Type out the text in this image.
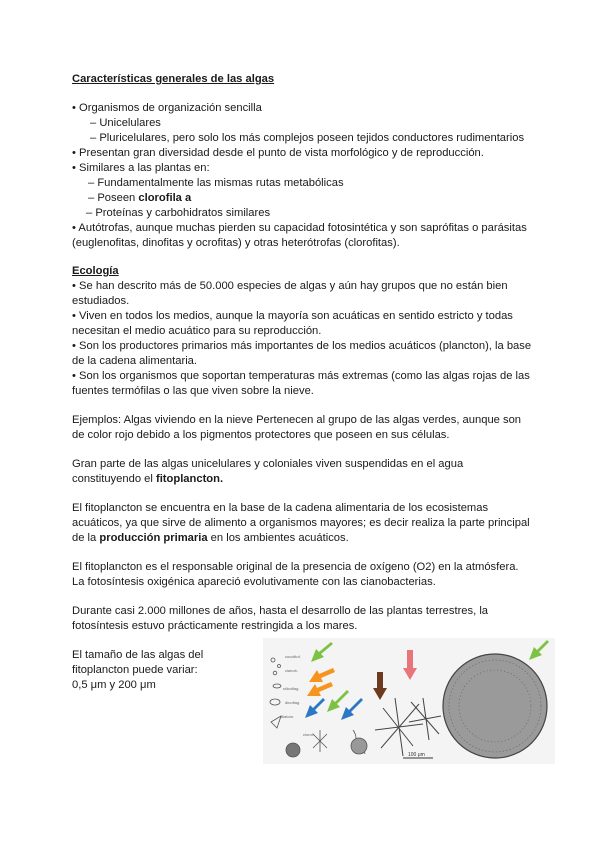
Características generales de las algas
• Organismos de organización sencilla
– Unicelulares
– Pluricelulares, pero solo los más complejos poseen tejidos conductores rudimentarios
• Presentan gran diversidad desde el punto de vista morfológico y de reproducción.
• Similares a las plantas en:
– Fundamentalmente las mismas rutas metabólicas
– Poseen clorofila a
– Proteínas y carbohidratos similares
• Autótrofas, aunque muchas pierden su capacidad fotosintética y son saprófitas o parásitas
(euglenofitas, dinofitas y ocrofitas) y otras heterótrofas (clorofitas).
Ecología
• Se han descrito más de 50.000 especies de algas y aún hay grupos que no están bien
estudiados.
• Viven en todos los medios, aunque la mayoría son acuáticas en sentido estricto y todas
necesitan el medio acuático para su reproducción.
• Son los productores primarios más importantes de los medios acuáticos (plancton), la base
de la cadena alimentaria.
• Son los organismos que soportan temperaturas más extremas (como las algas rojas de las
fuentes termófilas o las que viven sobre la nieve.
Ejemplos: Algas viviendo en la nieve Pertenecen al grupo de las algas verdes, aunque son
de color rojo debido a los pigmentos protectores que poseen en sus células.
Gran parte de las algas unicelulares y coloniales viven suspendidas en el agua
constituyendo el fitoplancton.
El fitoplancton se encuentra en la base de la cadena alimentaria de los ecosistemas
acuáticos, ya que sirve de alimento a organismos mayores; es decir realiza la parte principal
de la producción primaria en los ambientes acuáticos.
El fitoplancton es el responsable original de la presencia de oxígeno (O2) en la atmósfera.
La fotosíntesis oxigénica apareció evolutivamente con las cianobacterias.
Durante casi 2.000 millones de años, hasta el desarrollo de las plantas terrestres, la
fotosíntesis estuvo prácticamente restringida a los mares.
El tamaño de las algas del
fitoplancton puede variar:
0,5 μm y 200 μm
cocolitof.
cianob.
silicoflag.
dinoflag.
diatom.
clorof.
100 μm
